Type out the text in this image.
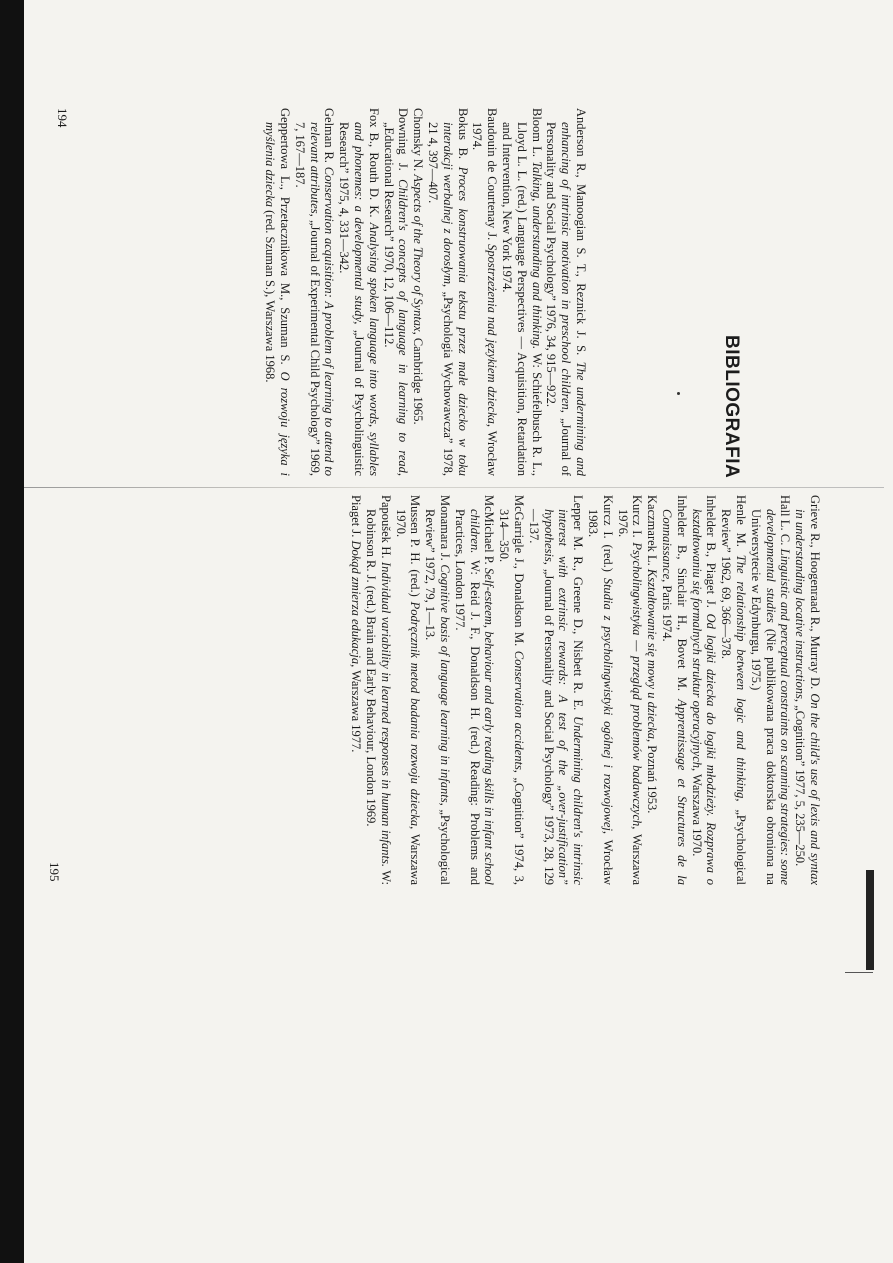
BIBLIOGRAFIA

Anderson R., Manoogian S. T., Reznick J. S. The undermining and enhancing of intrinsic motivation in preschool children, „Journal of Personality and Social Psychology” 1976, 34, 915—922.

Bloom L. Talking, understanding and thinking. W: Schiefelbusch R. L., Lloyd L. L. (red.) Language Perspectives — Acquisition, Retardation and Intervention, New York 1974.

Baudouin de Courtenay J. Spostrzeżenia nad językiem dziecka, Wrocław 1974.

Bokus B. Proces konstruowania tekstu przez małe dziecko w toku interakcji werbalnej z dorosłym, „Psychologia Wychowawcza” 1978, 21 4, 397—407.

Chomsky N. Aspects of the Theory of Syntax, Cambridge 1965.

Downing J. Children's concepts of language in learning to read, „Educational Research” 1970, 12, 106—112.

Fox B., Routh D. K. Analysing spoken language into words, syllables and phonemes: a developmental study, „Journal of Psycholinguistic Research” 1975, 4, 331—342.

Gelman R. Conservation acquisition: A problem of learning to attend to relevant attributes, „Journal of Experimental Child Psychology” 1969, 7, 167—187.

Geppertowa L., Przetacznikowa M., Szuman S. O rozwoju języka i myślenia dziecka (red. Szuman S.), Warszawa 1968.

Grieve R., Hoogenraad R., Murray D. On the child's use of lexis and syntax in understanding locative instructions, „Cognition” 1977, 5, 235—250.

Hall L. C. Linguistic and perceptual constraints on scanning strategies: some developmental studies (Nie publikowana praca doktorska obroniona na Uniwersytecie w Edynburgu, 1975.)

Henle M. The relationship between logic and thinking, „Psychological Review” 1962, 69, 366—378.

Inhelder B., Piaget J. Od logiki dziecka do logiki młodzieży. Rozprawa o kształtowaniu się formalnych struktur operacyjnych, Warszawa 1970.

Inhelder B., Sinclair H., Bovet M. Apprentissage et Structures de la Connaissance, Paris 1974.

Kaczmarek L. Kształtowanie się mowy u dziecka, Poznań 1953.

Kurcz I. Psycholingwistyka — przegląd problemów badawczych, Warszawa 1976.

Kurcz I. (red.) Studia z psycholingwistyki ogólnej i rozwojowej, Wrocław 1983.

Lepper M. R., Greene D., Nisbett R. E. Undermining children's intrinsic interest with extrinsic rewards: A test of the „over-justification” hypothesis, „Journal of Personality and Social Psychology” 1973, 28, 129—137.

McGarrigle J., Donaldson M. Conservation accidents, „Cognition” 1974, 3, 314—350.

McMichael P. Self-esteem, behaviour and early reading skills in infant school children. W: Reid J. F., Donaldson H. (red.) Reading: Problems and Practices, London 1977.

Monamara J. Cognitive basis of language learning in infants, „Psychological Review” 1972, 79, 1—13.

Mussen P. H. (red.) Podręcznik metod badania rozwoju dziecka, Warszawa 1970.

Papoušek H. Individual variability in learned responses in human infants. W: Robinson R. J. (red.) Brain and Early Behaviour, London 1969.

Piaget J. Dokąd zmierza edukacja, Warszawa 1977.

194
195
